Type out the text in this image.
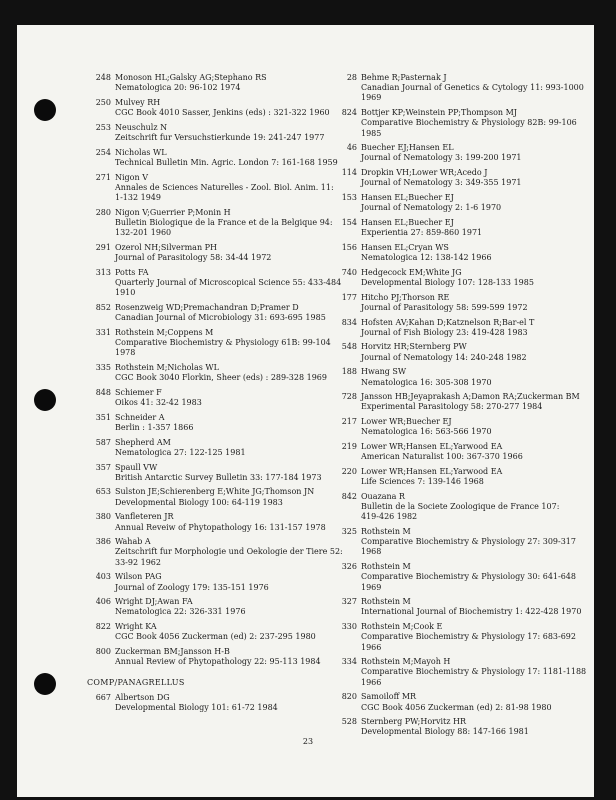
248 Monoson HL;Galsky AG;Stephano RS
Nematologica 20: 96-102 1974
250 Mulvey RH
CGC Book 4010 Sasser, Jenkins (eds) : 321-322 1960
253 Neuschulz N
Zeitschrift fur Versuchstierkunde 19: 241-247 1977
254 Nicholas WL
Technical Bulletin Min. Agric. London 7: 161-168 1959
271 Nigon V
Annales de Sciences Naturelles - Zool. Biol. Anim. 11:
1-132 1949
280 Nigon V;Guerrier P;Monin H
Bulletin Biologique de la France et de la Belgique 94:
132-201 1960
291 Ozerol NH;Silverman PH
Journal of Parasitology 58: 34-44 1972
313 Potts FA
Quarterly Journal of Microscopical Science 55: 433-484
1910
852 Rosenzweig WD;Premachandran D;Pramer D
Canadian Journal of Microbiology 31: 693-695 1985
331 Rothstein M;Coppens M
Comparative Biochemistry & Physiology 61B: 99-104
1978
335 Rothstein M;Nicholas WL
CGC Book 3040 Florkin, Sheer (eds) : 289-328 1969
848 Schiemer F
Oikos 41: 32-42 1983
351 Schneider A
Berlin : 1-357 1866
587 Shepherd AM
Nematologica 27: 122-125 1981
357 Spaull VW
British Antarctic Survey Bulletin 33: 177-184 1973
653 Sulston JE;Schierenberg E;White JG;Thomson JN
Developmental Biology 100: 64-119 1983
380 Vanfleteren JR
Annual Reveiw of Phytopathology 16: 131-157 1978
386 Wahab A
Zeitschrift fur Morphologie und Oekologie der Tiere 52:
33-92 1962
403 Wilson PAG
Journal of Zoology 179: 135-151 1976
406 Wright DJ;Awan FA
Nematologica 22: 326-331 1976
822 Wright KA
CGC Book 4056 Zuckerman (ed) 2: 237-295 1980
800 Zuckerman BM;Jansson H-B
Annual Review of Phytopathology 22: 95-113 1984
COMP/PANAGRELLUS
667 Albertson DG
Developmental Biology 101: 61-72 1984
28 Behme R;Pasternak J
Canadian Journal of Genetics & Cytology 11: 993-1000
1969
824 Bottjer KP;Weinstein PP;Thompson MJ
Comparative Biochemistry & Physiology 82B: 99-106
1985
46 Buecher EJ;Hansen EL
Journal of Nematology 3: 199-200 1971
114 Dropkin VH;Lower WR;Acedo J
Journal of Nematology 3: 349-355 1971
153 Hansen EL;Buecher EJ
Journal of Nematology 2: 1-6 1970
154 Hansen EL;Buecher EJ
Experientia 27: 859-860 1971
156 Hansen EL;Cryan WS
Nematologica 12: 138-142 1966
740 Hedgecock EM;White JG
Developmental Biology 107: 128-133 1985
177 Hitcho PJ;Thorson RE
Journal of Parasitology 58: 599-599 1972
834 Hofsten AV;Kahan D;Katznelson R;Bar-el T
Journal of Fish Biology 23: 419-428 1983
548 Horvitz HR;Sternberg PW
Journal of Nematology 14: 240-248 1982
188 Hwang SW
Nematologica 16: 305-308 1970
728 Jansson HB;Jeyaprakash A;Damon RA;Zuckerman BM
Experimental Parasitology 58: 270-277 1984
217 Lower WR;Buecher EJ
Nematologica 16: 563-566 1970
219 Lower WR;Hansen EL;Yarwood EA
American Naturalist 100: 367-370 1966
220 Lower WR;Hansen EL;Yarwood EA
Life Sciences 7: 139-146 1968
842 Ouazana R
Bulletin de la Societe Zoologique de France 107:
419-426 1982
325 Rothstein M
Comparative Biochemistry & Physiology 27: 309-317
1968
326 Rothstein M
Comparative Biochemistry & Physiology 30: 641-648
1969
327 Rothstein M
International Journal of Biochemistry 1: 422-428 1970
330 Rothstein M;Cook E
Comparative Biochemistry & Physiology 17: 683-692
1966
334 Rothstein M;Mayoh H
Comparative Biochemistry & Physiology 17: 1181-1188
1966
820 Samoiloff MR
CGC Book 4056 Zuckerman (ed) 2: 81-98 1980
528 Sternberg PW;Horvitz HR
Developmental Biology 88: 147-166 1981
23
